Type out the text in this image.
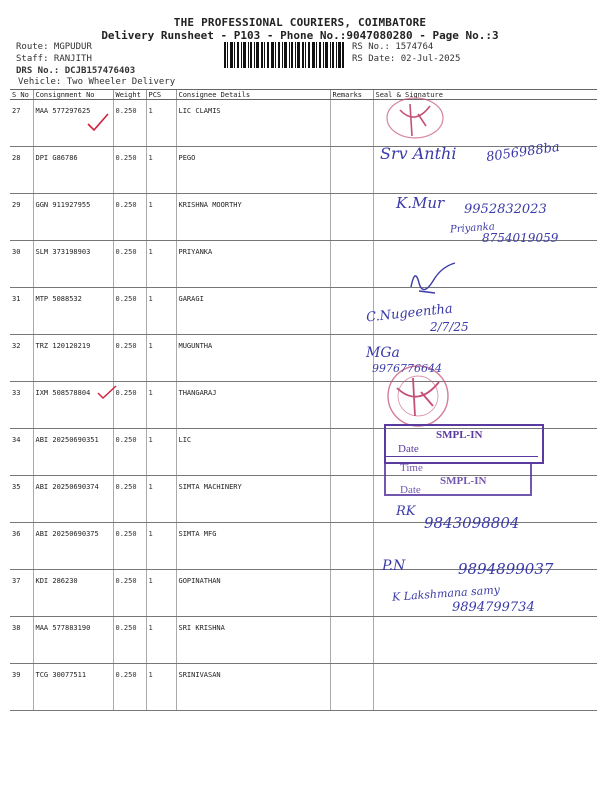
THE PROFESSIONAL COURIERS, COIMBATORE
Delivery Runsheet - P103 - Phone No.:9047080280 - Page No.:3
Route: MGPUDUR
Staff: RANJITH
DRS No.: DCJB157476403
Vehicle: Two Wheeler Delivery
RS No.: 1574764
RS Date: 02-Jul-2025
S No	Consignment No	Weight	PCS	Consignee Details	Remarks	Seal & Signature
27	MAA 577297625	0.250	1	LIC CLAMIS		
28	DPI G86786	0.250	1	PEGO		
29	GGN 911927955	0.250	1	KRISHNA MOORTHY		
30	SLM 373198903	0.250	1	PRIYANKA		
31	MTP 5088532	0.250	1	GARAGI		
32	TRZ 120120219	0.250	1	MUGUNTHA		
33	IXM 508578804	0.250	1	THANGARAJ		
34	ABI 20250690351	0.250	1	LIC		
35	ABI 20250690374	0.250	1	SIMTA MACHINERY		
36	ABI 20250690375	0.250	1	SIMTA MFG		
37	KDI 286230	0.250	1	GOPINATHAN		
38	MAA 577883190	0.250	1	SRI KRISHNA		
39	TCG 30077511	0.250	1	SRINIVASAN		
Srv Anthi 8056988ba
K.Mur 9952832023
Priyanka
8754019059
C.Nugeentha
2/7/25
MGa
9976776644
SMPL-IN
Date
Time
SMPL-IN
Date
RK
9843098804
P.N	9894899037
K Lakshmana samy
9894799734
